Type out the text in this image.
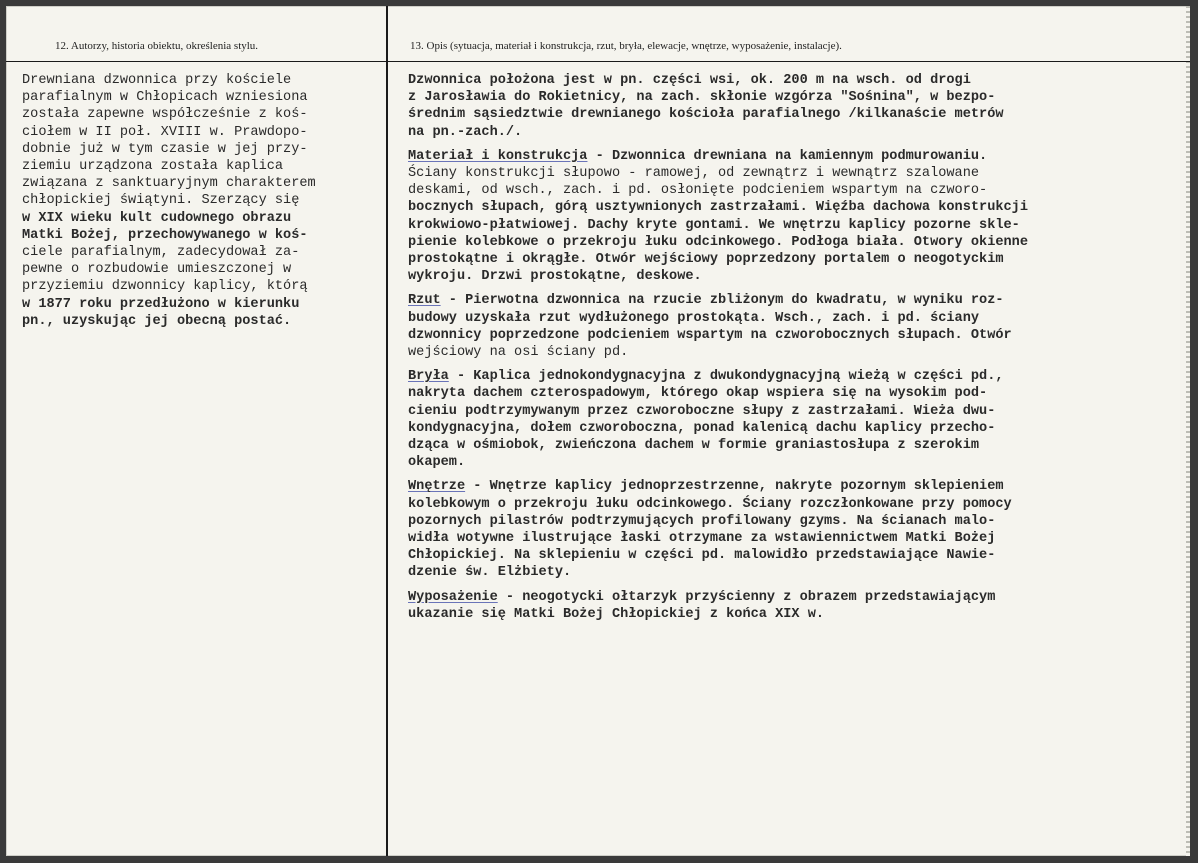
12. Autorzy, historia obiektu, określenia stylu.	13. Opis (sytuacja, materiał i konstrukcja, rzut, bryła, elewacje, wnętrze, wyposażenie, instalacje).
Drewniana dzwonnica przy kościele
parafialnym w Chłopicach wzniesiona
została zapewne współcześnie z koś-
ciołem w II poł. XVIII w. Prawdopo-
dobnie już w tym czasie w jej przy-
ziemiu urządzona została kaplica
związana z sanktuaryjnym charakterem
chłopickiej świątyni. Szerzący się
w XIX wieku kult cudownego obrazu
Matki Bożej, przechowywanego w koś-
ciele parafialnym, zadecydował za-
pewne o rozbudowie umieszczonej w
przyziemiu dzwonnicy kaplicy, którą
w 1877 roku przedłużono w kierunku
pn., uzyskując jej obecną postać.
Dzwonnica położona jest w pn. części wsi, ok. 200 m na wsch. od drogi
z Jarosławia do Rokietnicy, na zach. skłonie wzgórza "Sośnina", w bezpo-
średnim sąsiedztwie drewnianego kościoła parafialnego /kilkanaście metrów
na pn.-zach./.
Materiał i konstrukcja - Dzwonnica drewniana na kamiennym podmurowaniu.
Ściany konstrukcji słupowo - ramowej, od zewnątrz i wewnątrz szalowane
deskami, od wsch., zach. i pd. osłonięte podcieniem wspartym na czworo-
bocznych słupach, górą usztywnionych zastrzałami. Więźba dachowa konstrukcji
krokwiowo-płatwiowej. Dachy kryte gontami. We wnętrzu kaplicy pozorne skle-
pienie kolebkowe o przekroju łuku odcinkowego. Podłoga biała. Otwory okienne
prostokątne i okrągłe. Otwór wejściowy poprzedzony portalem o neogotyckim
wykroju. Drzwi prostokątne, deskowe.
Rzut - Pierwotna dzwonnica na rzucie zbliżonym do kwadratu, w wyniku roz-
budowy uzyskała rzut wydłużonego prostokąta. Wsch., zach. i pd. ściany
dzwonnicy poprzedzone podcieniem wspartym na czworobocznych słupach. Otwór
wejściowy na osi ściany pd.
Bryła - Kaplica jednokondygnacyjna z dwukondygnacyjną wieżą w części pd.,
nakryta dachem czterospadowym, którego okap wspiera się na wysokim pod-
cieniu podtrzymywanym przez czworoboczne słupy z zastrzałami. Wieża dwu-
kondygnacyjna, dołem czworoboczna, ponad kalenicą dachu kaplicy przecho-
dząca w ośmiobok, zwieńczona dachem w formie graniastosłupa z szerokim
okapem.
Wnętrze - Wnętrze kaplicy jednoprzestrzenne, nakryte pozornym sklepieniem
kolebkowym o przekroju łuku odcinkowego. Ściany rozczłonkowane przy pomocy
pozornych pilastrów podtrzymujących profilowany gzyms. Na ścianach malo-
widła wotywne ilustrujące łaski otrzymane za wstawiennictwem Matki Bożej
Chłopickiej. Na sklepieniu w części pd. malowidło przedstawiające Nawie-
dzenie św. Elżbiety.
Wyposażenie - neogotycki ołtarzyk przyścienny z obrazem przedstawiającym
ukazanie się Matki Bożej Chłopickiej z końca XIX w.
